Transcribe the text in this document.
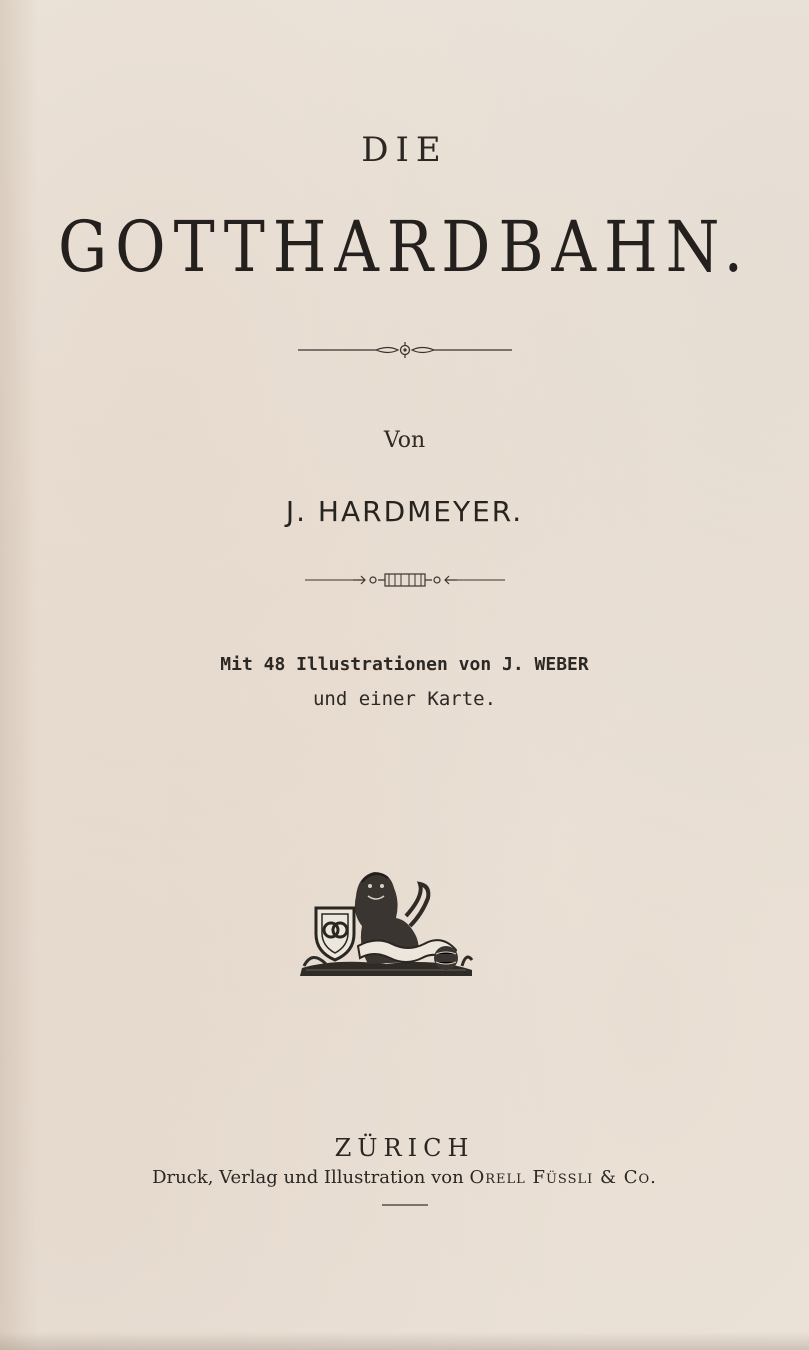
DIE
GOTTHARDBAHN.
Von
J. HARDMEYER.
Mit 48 Illustrationen von J. WEBER
und einer Karte.
ZÜRICH
Druck, Verlag und Illustration von Orell Füssli & Co.
